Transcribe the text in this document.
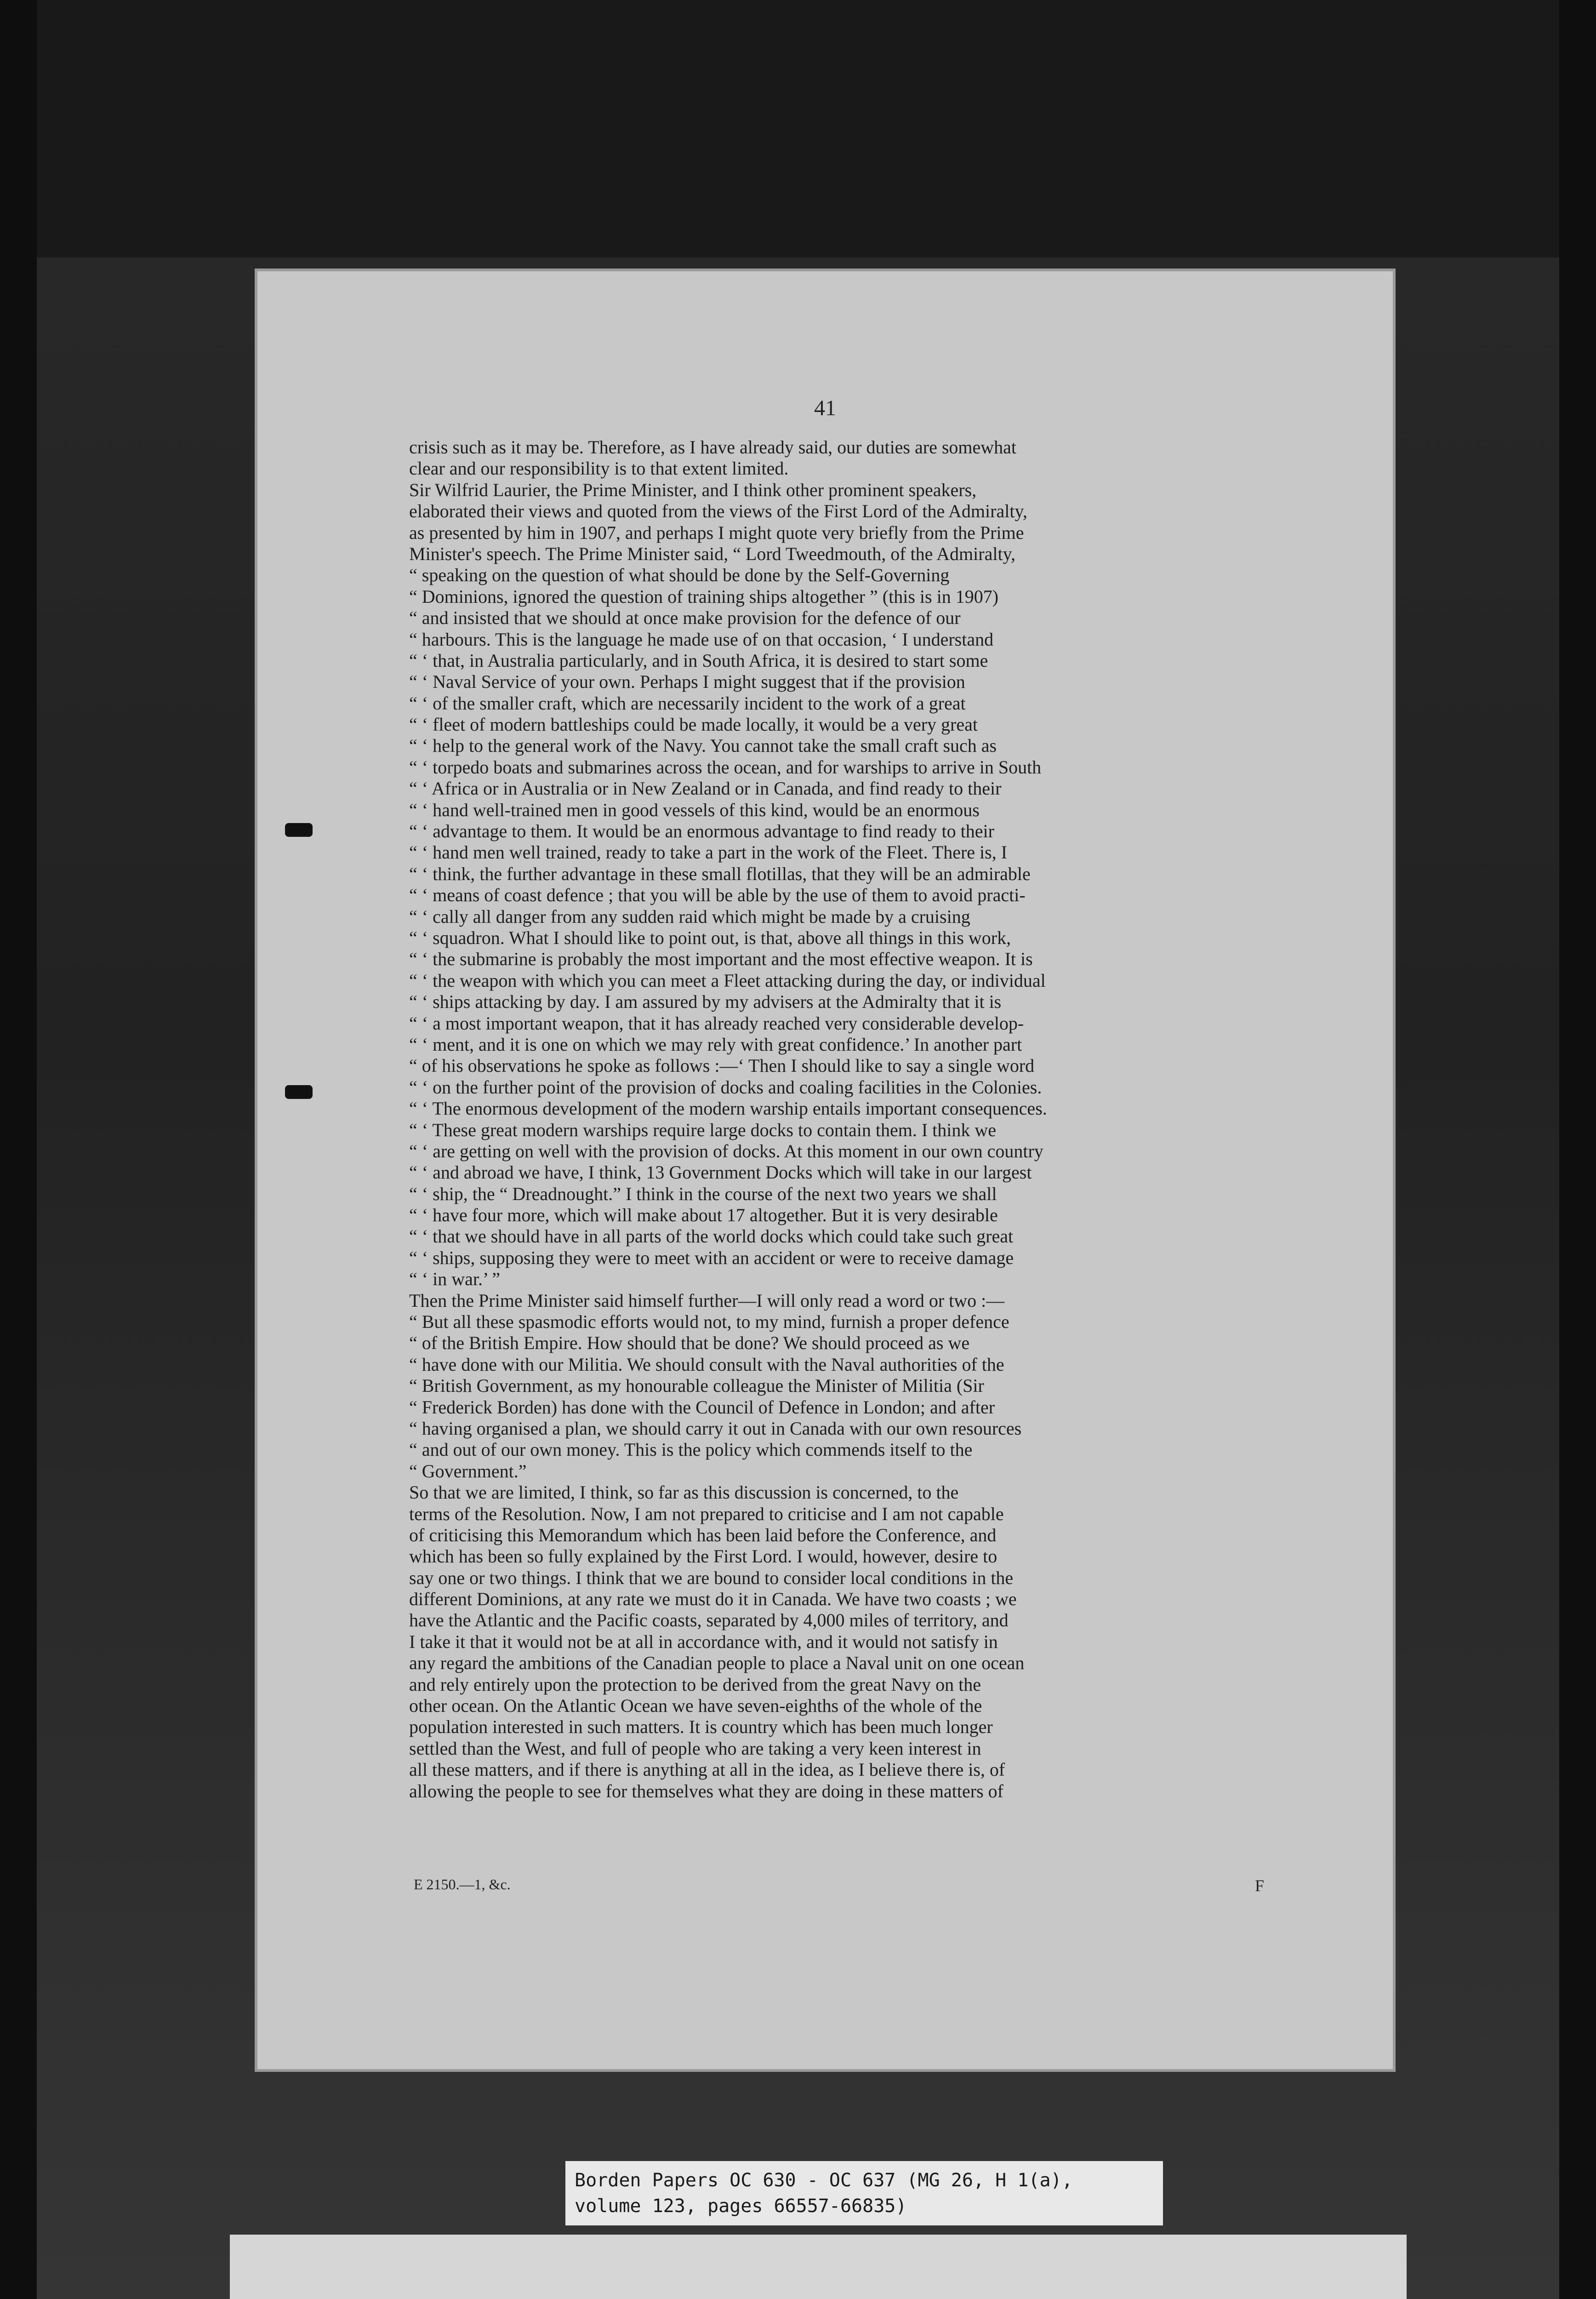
41
crisis such as it may be. Therefore, as I have already said, our duties are somewhat
clear and our responsibility is to that extent limited.
Sir Wilfrid Laurier, the Prime Minister, and I think other prominent speakers,
elaborated their views and quoted from the views of the First Lord of the Admiralty,
as presented by him in 1907, and perhaps I might quote very briefly from the Prime
Minister's speech. The Prime Minister said, “ Lord Tweedmouth, of the Admiralty,
“ speaking on the question of what should be done by the Self-Governing
“ Dominions, ignored the question of training ships altogether ” (this is in 1907)
“ and insisted that we should at once make provision for the defence of our
“ harbours. This is the language he made use of on that occasion, ‘ I understand
“ ‘ that, in Australia particularly, and in South Africa, it is desired to start some
“ ‘ Naval Service of your own. Perhaps I might suggest that if the provision
“ ‘ of the smaller craft, which are necessarily incident to the work of a great
“ ‘ fleet of modern battleships could be made locally, it would be a very great
“ ‘ help to the general work of the Navy. You cannot take the small craft such as
“ ‘ torpedo boats and submarines across the ocean, and for warships to arrive in South
“ ‘ Africa or in Australia or in New Zealand or in Canada, and find ready to their
“ ‘ hand well-trained men in good vessels of this kind, would be an enormous
“ ‘ advantage to them. It would be an enormous advantage to find ready to their
“ ‘ hand men well trained, ready to take a part in the work of the Fleet. There is, I
“ ‘ think, the further advantage in these small flotillas, that they will be an admirable
“ ‘ means of coast defence ; that you will be able by the use of them to avoid practi-
“ ‘ cally all danger from any sudden raid which might be made by a cruising
“ ‘ squadron. What I should like to point out, is that, above all things in this work,
“ ‘ the submarine is probably the most important and the most effective weapon. It is
“ ‘ the weapon with which you can meet a Fleet attacking during the day, or individual
“ ‘ ships attacking by day. I am assured by my advisers at the Admiralty that it is
“ ‘ a most important weapon, that it has already reached very considerable develop-
“ ‘ ment, and it is one on which we may rely with great confidence.’ In another part
“ of his observations he spoke as follows :—‘ Then I should like to say a single word
“ ‘ on the further point of the provision of docks and coaling facilities in the Colonies.
“ ‘ The enormous development of the modern warship entails important consequences.
“ ‘ These great modern warships require large docks to contain them. I think we
“ ‘ are getting on well with the provision of docks. At this moment in our own country
“ ‘ and abroad we have, I think, 13 Government Docks which will take in our largest
“ ‘ ship, the “ Dreadnought.” I think in the course of the next two years we shall
“ ‘ have four more, which will make about 17 altogether. But it is very desirable
“ ‘ that we should have in all parts of the world docks which could take such great
“ ‘ ships, supposing they were to meet with an accident or were to receive damage
“ ‘ in war.’ ”
Then the Prime Minister said himself further—I will only read a word or two :—
“ But all these spasmodic efforts would not, to my mind, furnish a proper defence
“ of the British Empire. How should that be done? We should proceed as we
“ have done with our Militia. We should consult with the Naval authorities of the
“ British Government, as my honourable colleague the Minister of Militia (Sir
“ Frederick Borden) has done with the Council of Defence in London; and after
“ having organised a plan, we should carry it out in Canada with our own resources
“ and out of our own money. This is the policy which commends itself to the
“ Government.”
So that we are limited, I think, so far as this discussion is concerned, to the
terms of the Resolution. Now, I am not prepared to criticise and I am not capable
of criticising this Memorandum which has been laid before the Conference, and
which has been so fully explained by the First Lord. I would, however, desire to
say one or two things. I think that we are bound to consider local conditions in the
different Dominions, at any rate we must do it in Canada. We have two coasts ; we
have the Atlantic and the Pacific coasts, separated by 4,000 miles of territory, and
I take it that it would not be at all in accordance with, and it would not satisfy in
any regard the ambitions of the Canadian people to place a Naval unit on one ocean
and rely entirely upon the protection to be derived from the great Navy on the
other ocean. On the Atlantic Ocean we have seven-eighths of the whole of the
population interested in such matters. It is country which has been much longer
settled than the West, and full of people who are taking a very keen interest in
all these matters, and if there is anything at all in the idea, as I believe there is, of
allowing the people to see for themselves what they are doing in these matters of
E 2150.—1, &c.	F
Borden Papers OC 630 - OC 637 (MG 26, H 1(a),
volume 123, pages 66557-66835)
